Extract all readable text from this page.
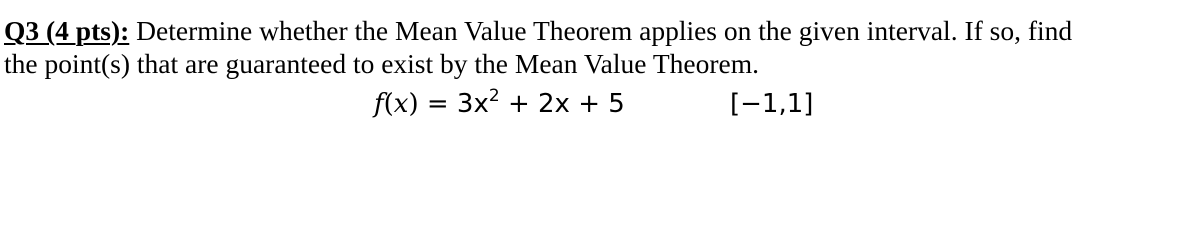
Q3 (4 pts): Determine whether the Mean Value Theorem applies on the given interval. If so, find
the point(s) that are guaranteed to exist by the Mean Value Theorem.
$f(x) = 3x^2 + 2x + 5$	[−1,1]
